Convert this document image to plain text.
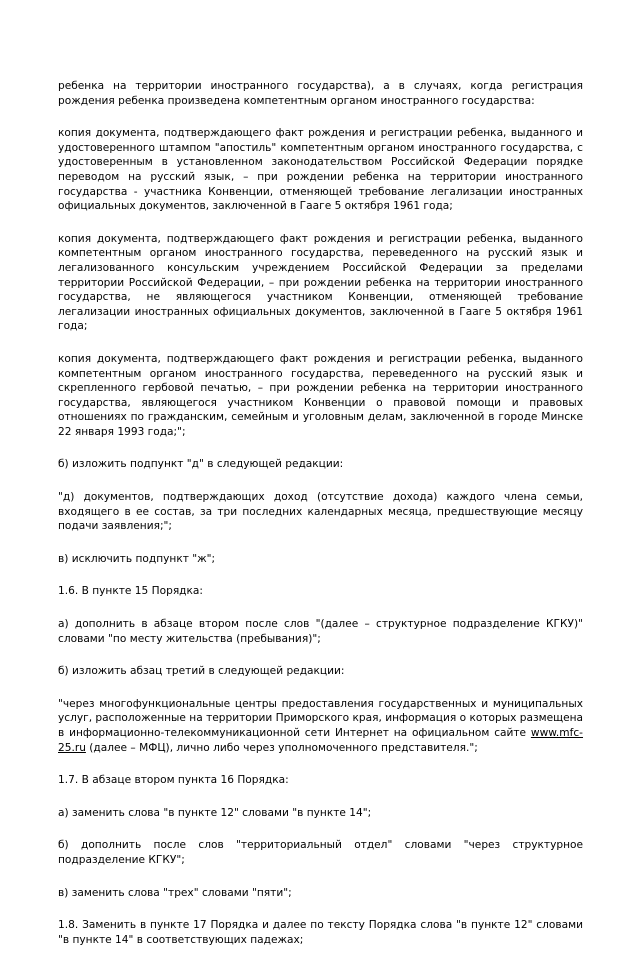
ребенка на территории иностранного государства), а в случаях, когда регистрация рождения ребенка произведена компетентным органом иностранного государства:

копия документа, подтверждающего факт рождения и регистрации ребенка, выданного и удостоверенного штампом "апостиль" компетентным органом иностранного государства, с удостоверенным в установленном законодательством Российской Федерации порядке переводом на русский язык, – при рождении ребенка на территории иностранного государства - участника Конвенции, отменяющей требование легализации иностранных официальных документов, заключенной в Гааге 5 октября 1961 года;

копия документа, подтверждающего факт рождения и регистрации ребенка, выданного компетентным органом иностранного государства, переведенного на русский язык и легализованного консульским учреждением Российской Федерации за пределами территории Российской Федерации, – при рождении ребенка на территории иностранного государства, не являющегося участником Конвенции, отменяющей требование легализации иностранных официальных документов, заключенной в Гааге 5 октября 1961 года;

копия документа, подтверждающего факт рождения и регистрации ребенка, выданного компетентным органом иностранного государства, переведенного на русский язык и скрепленного гербовой печатью, – при рождении ребенка на территории иностранного государства, являющегося участником Конвенции о правовой помощи и правовых отношениях по гражданским, семейным и уголовным делам, заключенной в городе Минске 22 января 1993 года;";

б) изложить подпункт "д" в следующей редакции:

"д) документов, подтверждающих доход (отсутствие дохода) каждого члена семьи, входящего в ее состав, за три последних календарных месяца, предшествующие месяцу подачи заявления;";

в) исключить подпункт "ж";

1.6. В пункте 15 Порядка:

а) дополнить в абзаце втором после слов "(далее – структурное подразделение КГКУ)" словами "по месту жительства (пребывания)";

б) изложить абзац третий в следующей редакции:

"через многофункциональные центры предоставления государственных и муниципальных услуг, расположенные на территории Приморского края, информация о которых размещена в информационно-телекоммуникационной сети Интернет на официальном сайте www.mfc-25.ru (далее – МФЦ), лично либо через уполномоченного представителя.";

1.7. В абзаце втором пункта 16 Порядка:

а) заменить слова "в пункте 12" словами "в пункте 14";

б) дополнить после слов "территориальный отдел" словами "через структурное подразделение КГКУ";

в) заменить слова "трех" словами "пяти";

1.8. Заменить в пункте 17 Порядка и далее по тексту Порядка слова "в пункте 12" словами "в пункте 14" в соответствующих падежах;
